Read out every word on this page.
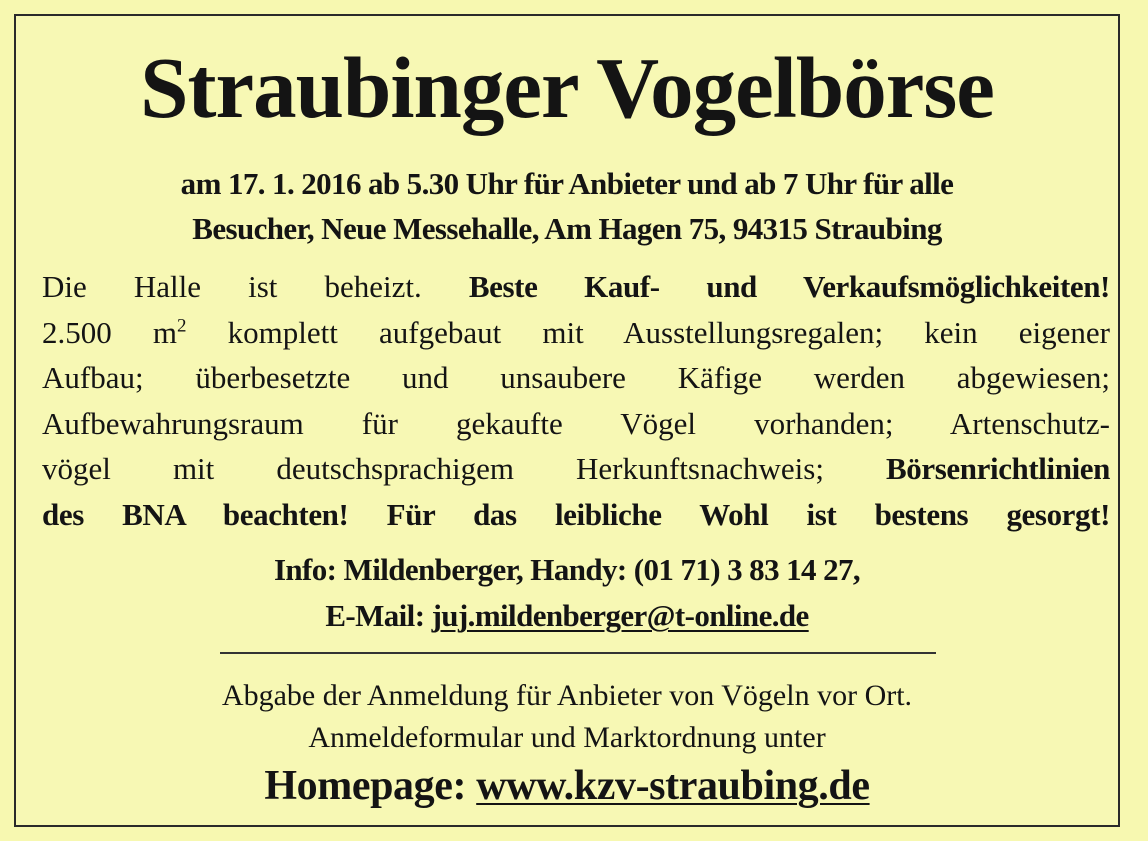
Straubinger Vogelbörse
am 17. 1. 2016 ab 5.30 Uhr für Anbieter und ab 7 Uhr für alle
Besucher, Neue Messehalle, Am Hagen 75, 94315 Straubing
Die Halle ist beheizt. Beste Kauf- und Verkaufsmöglichkeiten!
2.500 $m^2$ komplett aufgebaut mit Ausstellungsregalen; kein eigener
Aufbau; überbesetzte und unsaubere Käfige werden abgewiesen;
Aufbewahrungsraum für gekaufte Vögel vorhanden; Artenschutz-
vögel mit deutschsprachigem Herkunftsnachweis; Börsenrichtlinien
des BNA beachten! Für das leibliche Wohl ist bestens gesorgt!
Info: Mildenberger, Handy: (01 71) 3 83 14 27,
E-Mail: juj.mildenberger@t-online.de
Abgabe der Anmeldung für Anbieter von Vögeln vor Ort.
Anmeldeformular und Marktordnung unter
Homepage: www.kzv-straubing.de
